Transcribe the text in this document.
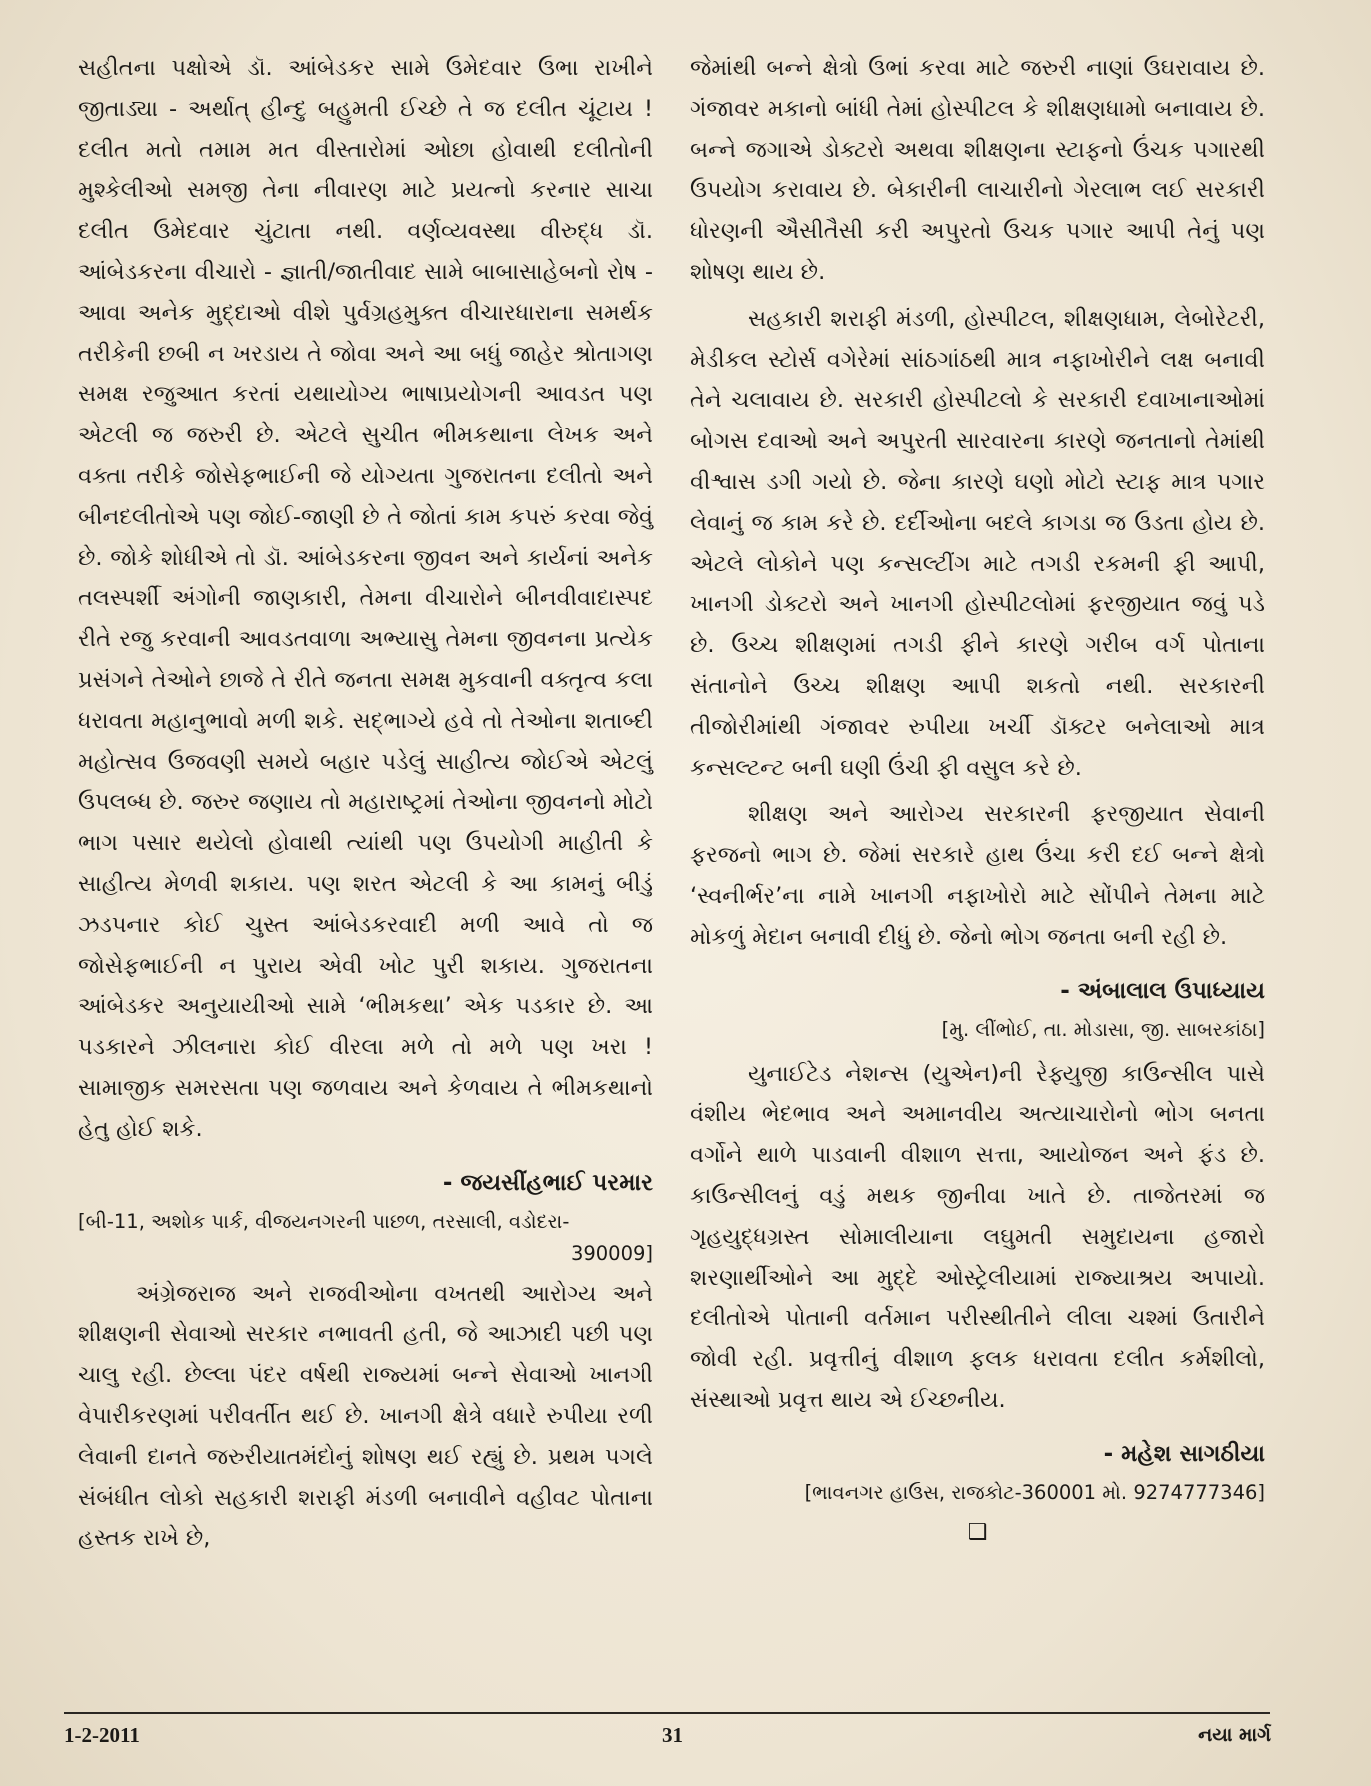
સહીતના પક્ષોએ ડૉ. આંબેડકર સામે ઉમેદવાર ઉભા રાખીને જીતાડ્યા - અર્થાત્ હીન્દુ બહુમતી ઈચ્છે તે જ દલીત ચૂંટાય ! દલીત મતો તમામ મત વીસ્તારોમાં ઓછા હોવાથી દલીતોની મુશ્કેલીઓ સમજી તેના નીવારણ માટે પ્રયત્નો કરનાર સાચા દલીત ઉમેદવાર ચુંટાતા નથી. વર્ણવ્યવસ્થા વીરુદ્ધ ડૉ. આંબેડકરના વીચારો - જ્ઞાતી/જાતીવાદ સામે બાબાસાહેબનો રોષ - આવા અનેક મુદ્દાઓ વીશે પુર્વગ્રહમુક્ત વીચારધારાના સમર્થક તરીકેની છબી ન ખરડાય તે જોવા અને આ બધું જાહેર શ્રોતાગણ સમક્ષ રજુઆત કરતાં યથાયોગ્ય ભાષાપ્રયોગની આવડત પણ એટલી જ જરુરી છે. એટલે સુચીત ભીમકથાના લેખક અને વક્તા તરીકે જોસેફભાઈની જે યોગ્યતા ગુજરાતના દલીતો અને બીનદલીતોએ પણ જોઈ-જાણી છે તે જોતાં કામ કપરું કરવા જેવું છે. જોકે શોધીએ તો ડૉ. આંબેડકરના જીવન અને કાર્યનાં અનેક તલસ્પર્શી અંગોની જાણકારી, તેમના વીચારોને બીનવીવાદાસ્પદ રીતે રજુ કરવાની આવડતવાળા અભ્યાસુ તેમના જીવનના પ્રત્યેક પ્રસંગને તેઓને છાજે તે રીતે જનતા સમક્ષ મુકવાની વક્તૃત્વ કલા ધરાવતા મહાનુભાવો મળી શકે. સદ્ભાગ્યે હવે તો તેઓના શતાબ્દી મહોત્સવ ઉજવણી સમયે બહાર પડેલું સાહીત્ય જોઈએ એટલું ઉપલબ્ધ છે. જરુર જણાય તો મહારાષ્ટ્રમાં તેઓના જીવનનો મોટો ભાગ પસાર થયેલો હોવાથી ત્યાંથી પણ ઉપયોગી માહીતી કે સાહીત્ય મેળવી શકાય. પણ શરત એટલી કે આ કામનું બીડું ઝડપનાર કોઈ ચુસ્ત આંબેડકરવાદી મળી આવે તો જ જોસેફભાઈની ન પુરાય એવી ખોટ પુરી શકાય. ગુજરાતના આંબેડકર અનુયાયીઓ સામે ‘ભીમકથા’ એક પડકાર છે. આ પડકારને ઝીલનારા કોઈ વીરલા મળે તો મળે પણ ખરા ! સામાજીક સમરસતા પણ જળવાય અને કેળવાય તે ભીમકથાનો હેતુ હોઈ શકે.

- જયસીંહભાઈ પરમાર
[બી-11, અશોક પાર્ક, વીજયનગરની પાછળ, તરસાલી, વડોદરા-
390009]

અંગ્રેજરાજ અને રાજવીઓના વખતથી આરોગ્ય અને શીક્ષણની સેવાઓ સરકાર નભાવતી હતી, જે આઝાદી પછી પણ ચાલુ રહી. છેલ્લા પંદર વર્ષથી રાજ્યમાં બન્ને સેવાઓ ખાનગી વેપારીકરણમાં પરીવર્તીત થઈ છે. ખાનગી ક્ષેત્રે વધારે રુપીયા રળી લેવાની દાનતે જરુરીયાતમંદોનું શોષણ થઈ રહ્યું છે. પ્રથમ પગલે સંબંધીત લોકો સહકારી શરાફી મંડળી બનાવીને વહીવટ પોતાના હસ્તક રાખે છે,

જેમાંથી બન્ને ક્ષેત્રો ઉભાં કરવા માટે જરુરી નાણાં ઉઘરાવાય છે. ગંજાવર મકાનો બાંધી તેમાં હોસ્પીટલ કે શીક્ષણધામો બનાવાય છે. બન્ને જગાએ ડોક્ટરો અથવા શીક્ષણના સ્ટાફનો ઉંચક પગારથી ઉપયોગ કરાવાય છે. બેકારીની લાચારીનો ગેરલાભ લઈ સરકારી ધોરણની ઐસીતૈસી કરી અપુરતો ઉચક પગાર આપી તેનું પણ શોષણ થાય છે.

સહકારી શરાફી મંડળી, હોસ્પીટલ, શીક્ષણધામ, લેબોરેટરી, મેડીકલ સ્ટોર્સ વગેરેમાં સાંઠગાંઠથી માત્ર નફાખોરીને લક્ષ બનાવી તેને ચલાવાય છે. સરકારી હોસ્પીટલો કે સરકારી દવાખાનાઓમાં બોગસ દવાઓ અને અપુરતી સારવારના કારણે જનતાનો તેમાંથી વીશ્વાસ ડગી ગયો છે. જેના કારણે ઘણો મોટો સ્ટાફ માત્ર પગાર લેવાનું જ કામ કરે છે. દર્દીઓના બદલે કાગડા જ ઉડતા હોય છે. એટલે લોકોને પણ કન્સલ્ટીંગ માટે તગડી રકમની ફી આપી, ખાનગી ડોક્ટરો અને ખાનગી હોસ્પીટલોમાં ફરજીયાત જવું પડે છે. ઉચ્ચ શીક્ષણમાં તગડી ફીને કારણે ગરીબ વર્ગ પોતાના સંતાનોને ઉચ્ચ શીક્ષણ આપી શકતો નથી. સરકારની તીજોરીમાંથી ગંજાવર રુપીયા ખર્ચી ડૉક્ટર બનેલાઓ માત્ર કન્સલ્ટન્ટ બની ઘણી ઉંચી ફી વસુલ કરે છે.

શીક્ષણ અને આરોગ્ય સરકારની ફરજીયાત સેવાની ફરજનો ભાગ છે. જેમાં સરકારે હાથ ઉંચા કરી દઈ બન્ને ક્ષેત્રો ‘સ્વનીર્ભર’ના નામે ખાનગી નફાખોરો માટે સોંપીને તેમના માટે મોકળું મેદાન બનાવી દીધું છે. જેનો ભોગ જનતા બની રહી છે.

- અંબાલાલ ઉપાધ્યાય
[મુ. લીંભોઈ, તા. મોડાસા, જી. સાબરકાંઠા]

યુનાઈટેડ નેશન્સ (યુએન)ની રેફ્યુજી કાઉન્સીલ પાસે વંશીય ભેદભાવ અને અમાનવીય અત્યાચારોનો ભોગ બનતા વર્ગોને થાળે પાડવાની વીશાળ સત્તા, આયોજન અને ફંડ છે. કાઉન્સીલનું વડું મથક જીનીવા ખાતે છે. તાજેતરમાં જ ગૃહયુદ્ધગ્રસ્ત સોમાલીયાના લઘુમતી સમુદાયના હજારો શરણાર્થીઓને આ મુદ્દે ઓસ્ટ્રેલીયામાં રાજ્યાશ્રય અપાયો. દલીતોએ પોતાની વર્તમાન પરીસ્થીતીને લીલા ચશ્માં ઉતારીને જોવી રહી. પ્રવૃત્તીનું વીશાળ ફલક ધરાવતા દલીત કર્મશીલો, સંસ્થાઓ પ્રવૃત્ત થાય એ ઈચ્છનીય.

- મહેશ સાગઠીયા
[ભાવનગર હાઉસ, રાજકોટ-360001 મો. 9274777346]
❑
1-2-2011	31	નયા માર્ગ
